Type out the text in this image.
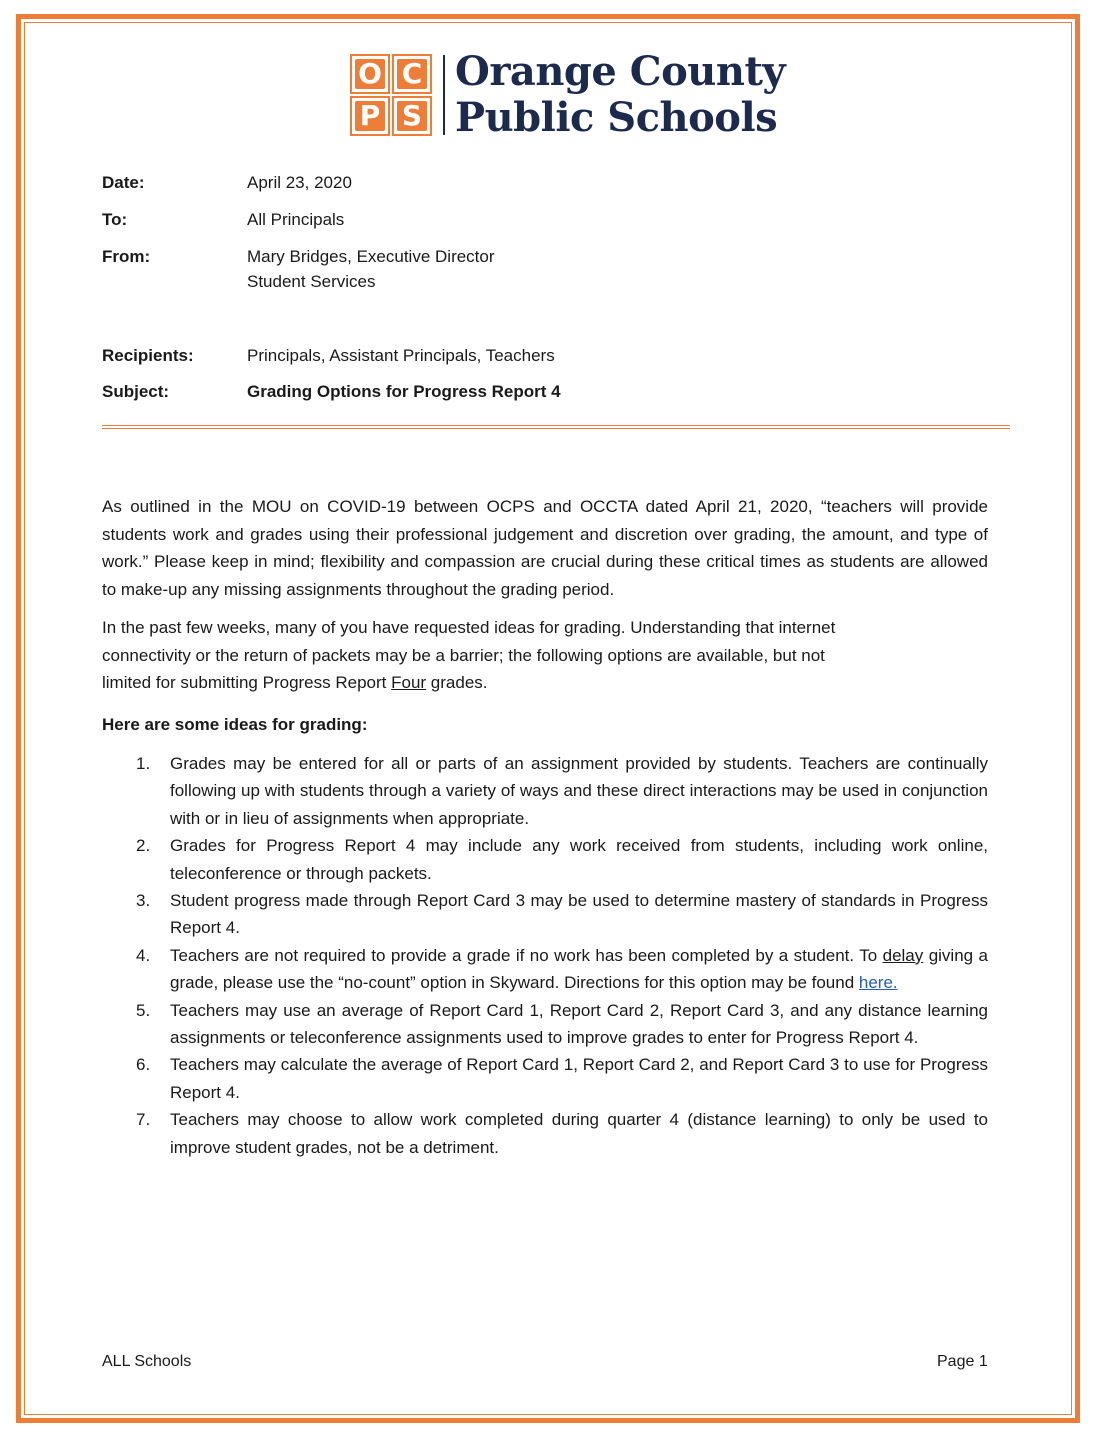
O C
P S
Orange County
Public Schools
Date:	April 23, 2020
To:	All Principals
From:	Mary Bridges, Executive Director
Student Services
Recipients:	Principals, Assistant Principals, Teachers
Subject:	Grading Options for Progress Report 4
As outlined in the MOU on COVID-19 between OCPS and OCCTA dated April 21, 2020, “teachers will provide students work and grades using their professional judgement and discretion over grading, the amount, and type of work.” Please keep in mind; flexibility and compassion are crucial during these critical times as students are allowed to make-up any missing assignments throughout the grading period.
In the past few weeks, many of you have requested ideas for grading. Understanding that internet
connectivity or the return of packets may be a barrier; the following options are available, but not
limited for submitting Progress Report Four grades.
Here are some ideas for grading:
1. Grades may be entered for all or parts of an assignment provided by students. Teachers are continually following up with students through a variety of ways and these direct interactions may be used in conjunction with or in lieu of assignments when appropriate.
2. Grades for Progress Report 4 may include any work received from students, including work online, teleconference or through packets.
3. Student progress made through Report Card 3 may be used to determine mastery of standards in Progress Report 4.
4. Teachers are not required to provide a grade if no work has been completed by a student. To delay giving a grade, please use the “no-count” option in Skyward. Directions for this option may be found here.
5. Teachers may use an average of Report Card 1, Report Card 2, Report Card 3, and any distance learning assignments or teleconference assignments used to improve grades to enter for Progress Report 4.
6. Teachers may calculate the average of Report Card 1, Report Card 2, and Report Card 3 to use for Progress Report 4.
7. Teachers may choose to allow work completed during quarter 4 (distance learning) to only be used to improve student grades, not be a detriment.
ALL Schools	Page 1
